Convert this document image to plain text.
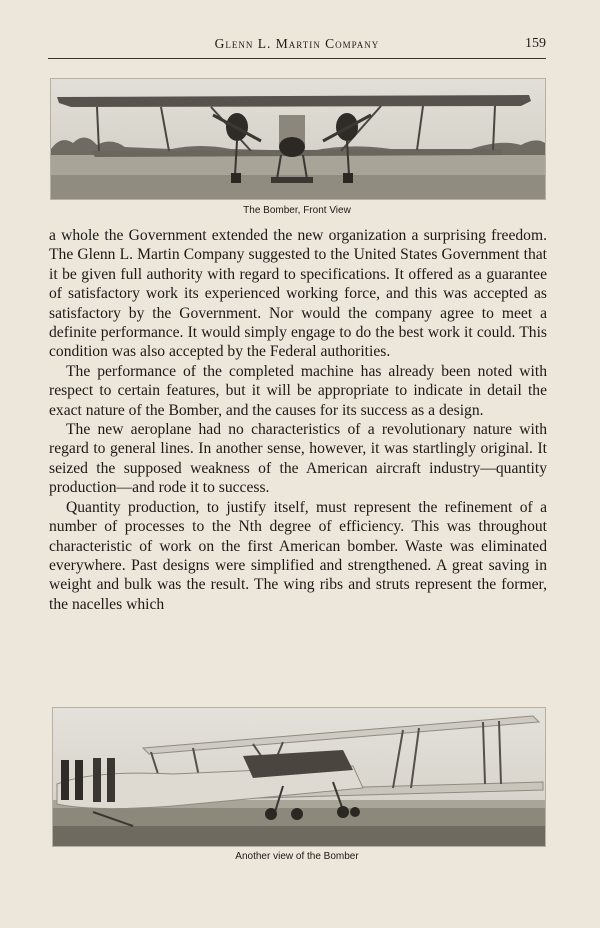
Glenn L. Martin Company	159
The Bomber, Front View

a whole the Government extended the new organization a surprising freedom. The Glenn L. Martin Company suggested to the United States Government that it be given full authority with regard to specifications. It offered as a guarantee of satisfactory work its experienced working force, and this was accepted as satisfactory by the Government. Nor would the company agree to meet a definite performance. It would simply engage to do the best work it could. This condition was also accepted by the Federal authorities.

The performance of the completed machine has already been noted with respect to certain features, but it will be appropriate to indicate in detail the exact nature of the Bomber, and the causes for its success as a design.

The new aeroplane had no characteristics of a revolutionary nature with regard to general lines. In another sense, however, it was startlingly original. It seized the supposed weakness of the American aircraft industry—quantity production—and rode it to success.

Quantity production, to justify itself, must represent the refinement of a number of processes to the Nth degree of efficiency. This was throughout characteristic of work on the first American bomber. Waste was eliminated everywhere. Past designs were simplified and strengthened. A great saving in weight and bulk was the result. The wing ribs and struts represent the former, the nacelles which

Another view of the Bomber
